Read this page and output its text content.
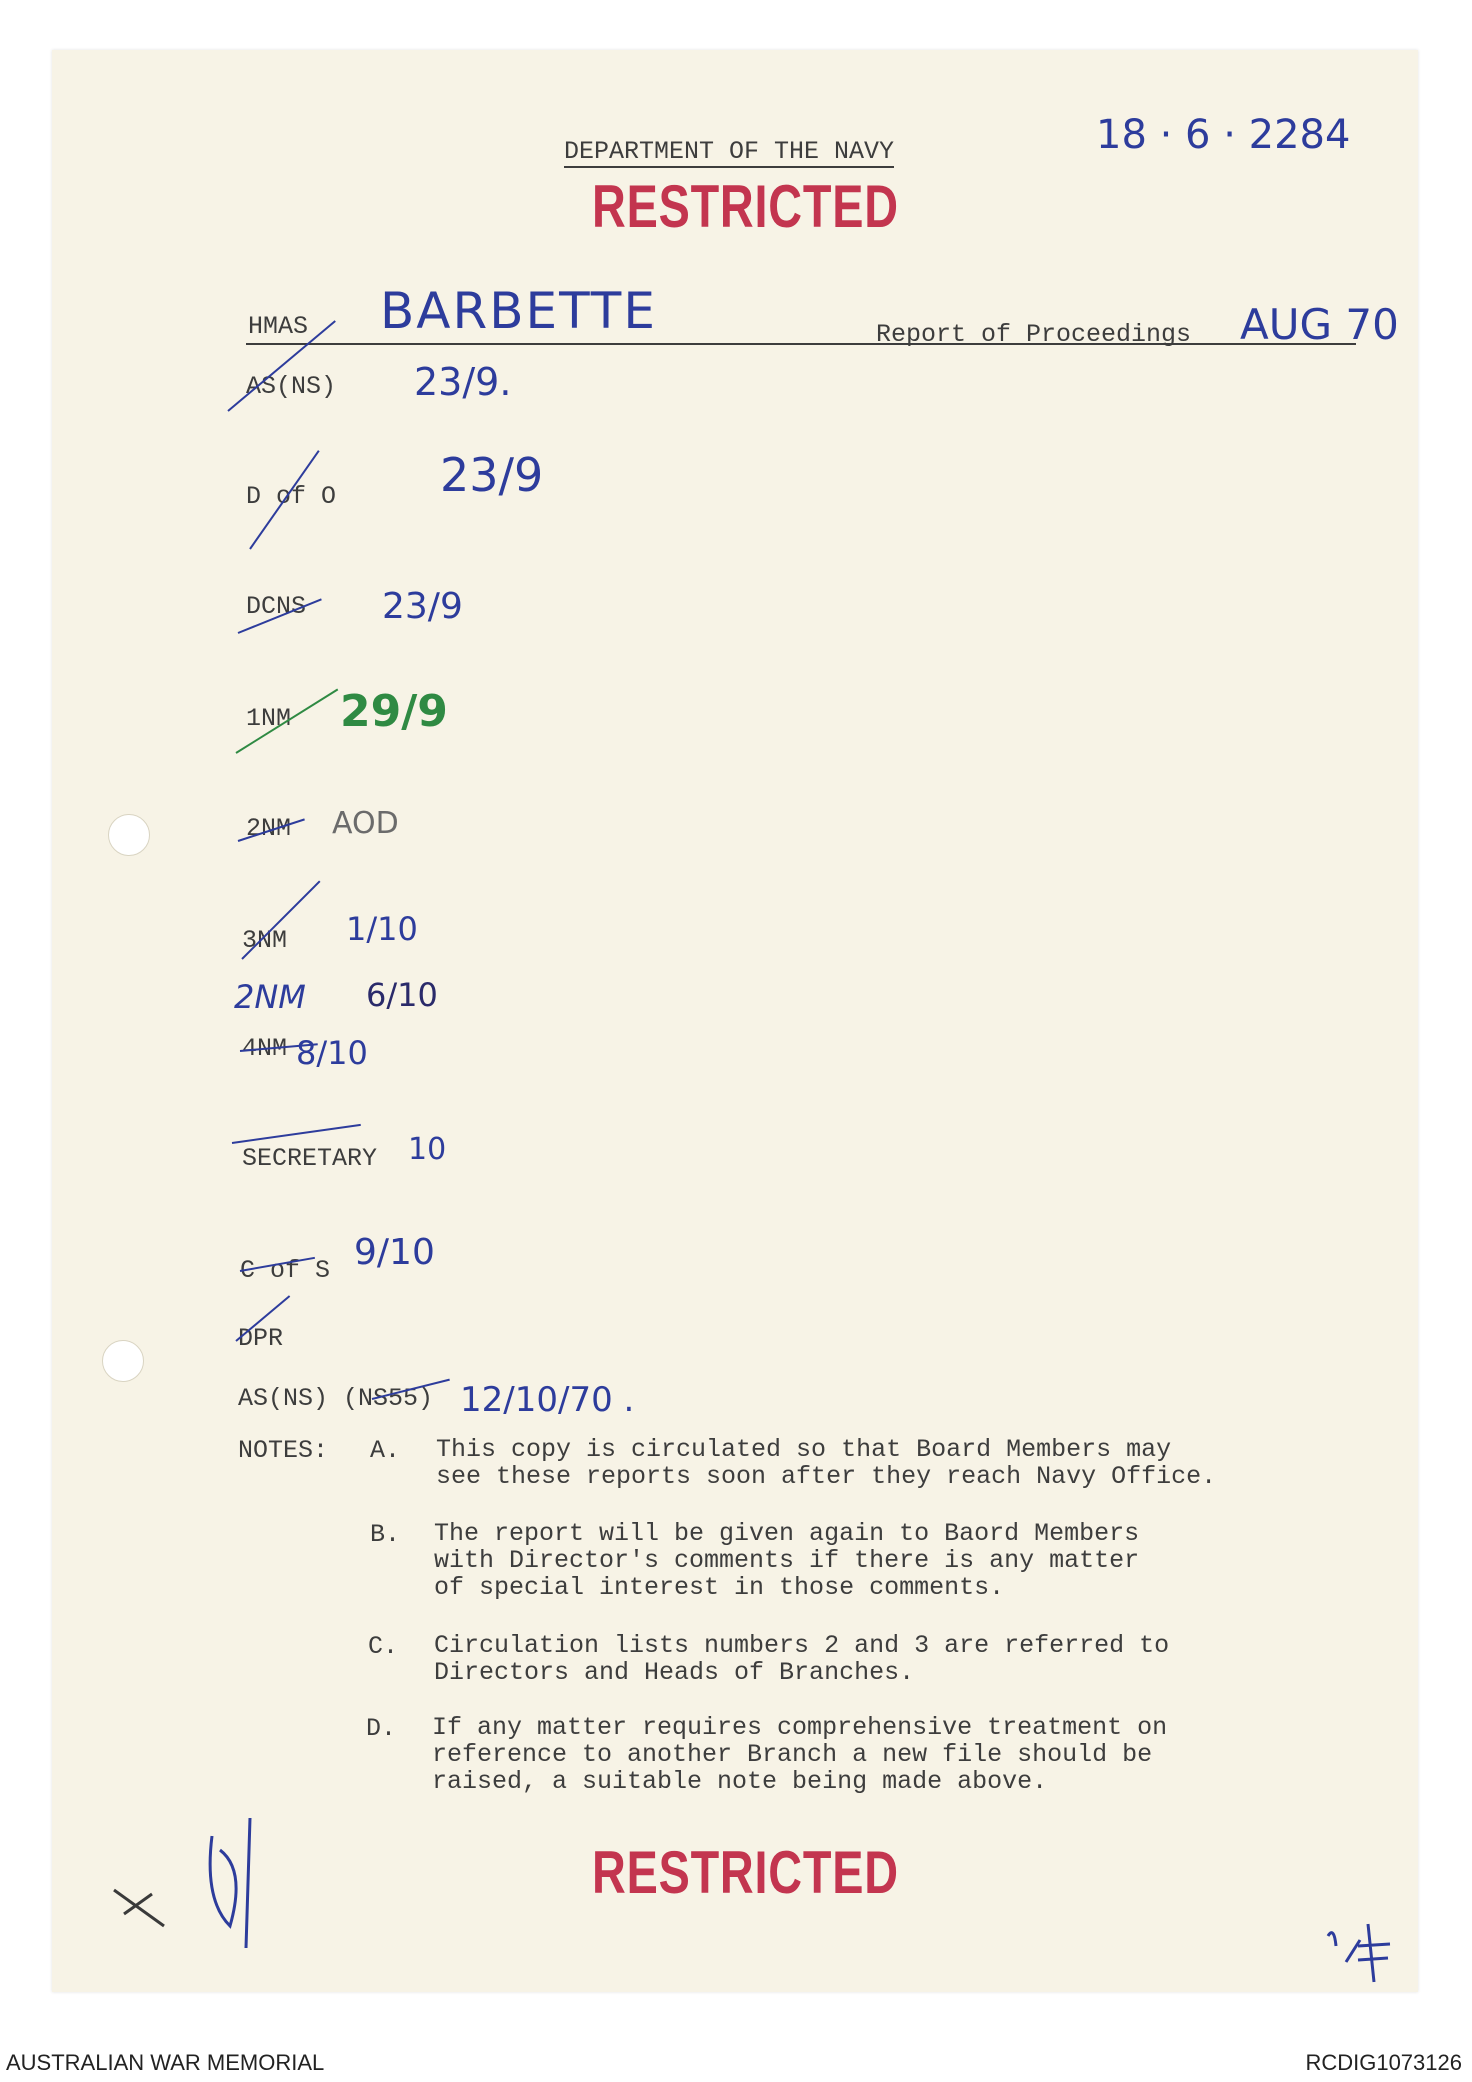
DEPARTMENT OF THE NAVY
RESTRICTED
18 · 6 · 2284
HMAS BARBETTE	Report of Proceedings AUG 70
AS(NS) 23/9.
D of O 23/9
DCNS 23/9
1NM 29/9
2NM AOD
3NM 1/10
2NM 6/10
4NM 8/10
SECRETARY 10
C of S 9/10
DPR
AS(NS) (NS55) 12/10/70 .
NOTES: A. This copy is circulated so that Board Members may
see these reports soon after they reach Navy Office.
B. The report will be given again to Baord Members
with Director's comments if there is any matter
of special interest in those comments.
C. Circulation lists numbers 2 and 3 are referred to
Directors and Heads of Branches.
D. If any matter requires comprehensive treatment on
reference to another Branch a new file should be
raised, a suitable note being made above.
RESTRICTED
AUSTRALIAN WAR MEMORIAL	RCDIG1073126
